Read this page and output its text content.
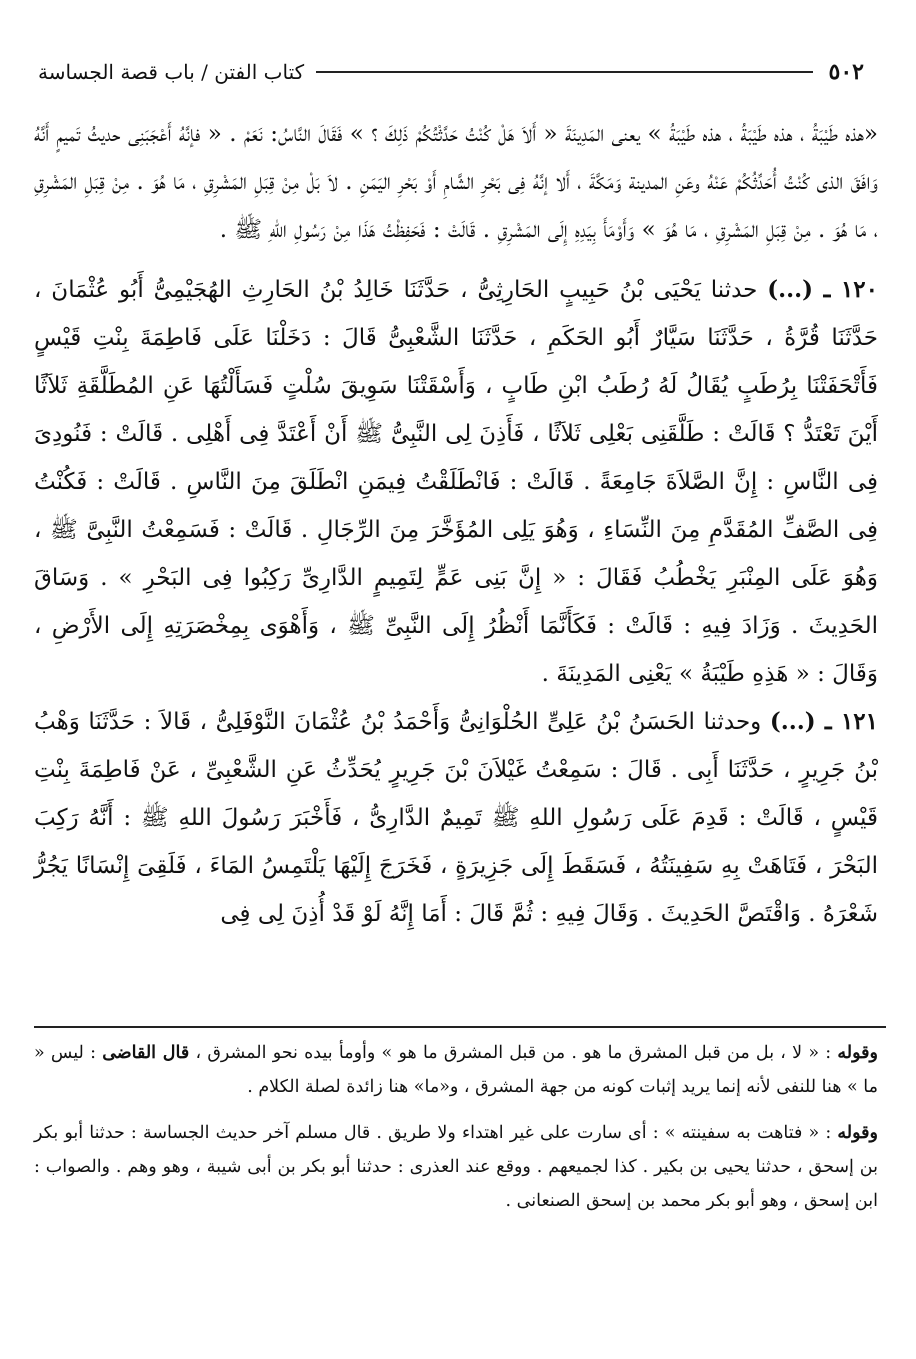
٥٠٢
كتاب الفتن / باب قصة الجساسة

«هذه طَيْبَةُ ، هذه طَيْبَةُ ، هذه طَيْبَةُ » يعنى المَدِينَةَ « أَلاَ هَلْ كُنْتُ حَدَّثْتُكُمْ ذَلِكَ ؟ » فَقَالَ النَّاسُ: نَعَمْ . « فإنَّهُ أَعْجَبَنِى حديثُ تَميمٍ أَنَّهُ وَافَقَ الذى كُنْتُ أُحَدِّثُكُمْ عَنْهُ وعَنِ المدينة وَمَكَّةَ ، أَلا إنَّهُ فِى بَحْرِ الشَّامِ أَوْ بَحْرِ اليَمَنِ . لاَ بَلْ مِنْ قِبَلِ المَشْرِقِ ، مَا هُوَ . مِنْ قِبَلِ المَشْرِقِ ، مَا هُوَ . مِنْ قِبَلِ المَشْرِقِ ، مَا هُوَ » وَأَوْمَأَ بِيَدِهِ إِلَى المَشْرِقِ . قَالَتْ : فَحَفِظْتُ هَذَا مِنْ رَسُولِ اللهِ ﷺ .

١٢٠ ـ (...) حدثنا يَحْيَى بْنُ حَبِيبٍ الحَارِثِىُّ ، حَدَّثَنَا خَالِدُ بْنُ الحَارِثِ الهُجَيْمِىُّ أَبُو عُثْمَانَ ، حَدَّثَنَا قُرَّةُ ، حَدَّثَنَا سَيَّارٌ أَبُو الحَكَمِ ، حَدَّثَنَا الشَّعْبِىُّ قَالَ : دَخَلْنَا عَلَى فَاطِمَةَ بِنْتِ قَيْسٍ فَأَتْحَفَتْنَا بِرُطَبٍ يُقَالُ لَهُ رُطَبُ ابْنِ طَابٍ ، وَأَسْقَتْنَا سَوِيقَ سُلْتٍ فَسَأَلْتُهَا عَنِ المُطَلَّقَةِ ثَلاَثًا أَيْنَ تَعْتَدُّ ؟ قَالَتْ : طَلَّقَنِى بَعْلِى ثَلاَثًا ، فَأَذِنَ لِى النَّبِىُّ ﷺ أَنْ أَعْتَدَّ فِى أَهْلِى . قَالَتْ : فَنُودِىَ فِى النَّاسِ : إِنَّ الصَّلاَةَ جَامِعَةً . قَالَتْ : فَانْطَلَقْتُ فِيمَنِ انْطَلَقَ مِنَ النَّاسِ . قَالَتْ : فَكُنْتُ فِى الصَّفِّ المُقَدَّمِ مِنَ النِّسَاءِ ، وَهُوَ يَلِى المُؤَخَّرَ مِنَ الرِّجَالِ . قَالَتْ : فَسَمِعْتُ النَّبِىَّ ﷺ ، وَهُوَ عَلَى المِنْبَرِ يَخْطُبُ فَقَالَ : « إِنَّ بَنِى عَمٍّ لِتَمِيمٍ الدَّارِىِّ رَكِبُوا فِى البَحْرِ » . وَسَاقَ الحَدِيثَ . وَزَادَ فِيهِ : قَالَتْ : فَكَأَنَّمَا أَنْظُرُ إِلَى النَّبِىِّ ﷺ ، وَأَهْوَى بِمِخْصَرَتِهِ إِلَى الأَرْضِ ، وَقَالَ : « هَذِهِ طَيْبَةُ » يَعْنِى المَدِينَةَ .

١٢١ ـ (...) وحدثنا الحَسَنُ بْنُ عَلِىٍّ الحُلْوَانِىُّ وَأَحْمَدُ بْنُ عُثْمَانَ النَّوْفَلِىُّ ، قَالاَ : حَدَّثَنَا وَهْبُ بْنُ جَرِيرٍ ، حَدَّثَنَا أَبِى . قَالَ : سَمِعْتُ غَيْلاَنَ بْنَ جَرِيرٍ يُحَدِّثُ عَنِ الشَّعْبِىِّ ، عَنْ فَاطِمَةَ بِنْتِ قَيْسٍ ، قَالَتْ : قَدِمَ عَلَى رَسُولِ اللهِ ﷺ تَمِيمٌ الدَّارِىُّ ، فَأَخْبَرَ رَسُولَ اللهِ ﷺ : أَنَّهُ رَكِبَ البَحْرَ ، فَتَاهَتْ بِهِ سَفِينَتُهُ ، فَسَقَطَ إِلَى جَزِيرَةٍ ، فَخَرَجَ إِلَيْهَا يَلْتَمِسُ المَاءَ ، فَلَقِىَ إِنْسَانًا يَجُرُّ شَعْرَهُ . وَاقْتَصَّ الحَدِيثَ . وَقَالَ فِيهِ : ثُمَّ قَالَ : أَمَا إِنَّهُ لَوْ قَدْ أُذِنَ لِى فِى

وقوله : « لا ، بل من قبل المشرق ما هو . من قبل المشرق ما هو » وأومأ بيده نحو المشرق ، قال القاضى : ليس « ما » هنا للنفى لأنه إنما يريد إثبات كونه من جهة المشرق ، و«ما» هنا زائدة لصلة الكلام .

وقوله : « فتاهت به سفينته » : أى سارت على غير اهتداء ولا طريق . قال مسلم آخر حديث الجساسة : حدثنا أبو بكر بن إسحق ، حدثنا يحيى بن بكير . كذا لجميعهم . ووقع عند العذرى : حدثنا أبو بكر بن أبى شيبة ، وهو وهم . والصواب : ابن إسحق ، وهو أبو بكر محمد بن إسحق الصنعانى .
